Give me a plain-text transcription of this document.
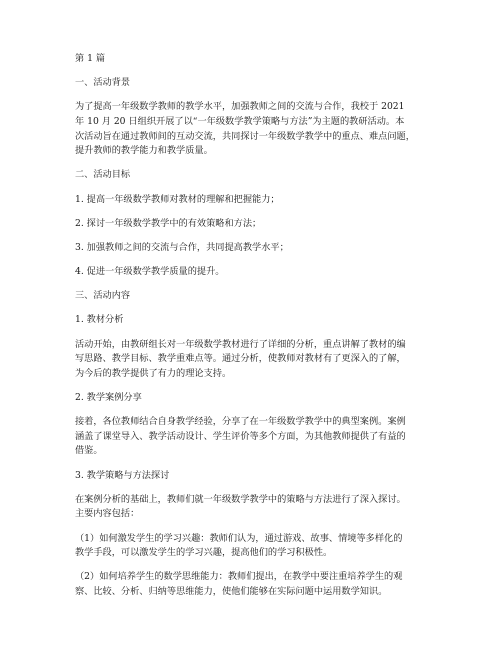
第 1 篇
一、活动背景
为了提高一年级数学教师的教学水平，加强教师之间的交流与合作，我校于 2021
年 10 月 20 日组织开展了以“一年级数学教学策略与方法”为主题的教研活动。本
次活动旨在通过教师间的互动交流，共同探讨一年级数学教学中的重点、难点问题，
提升教师的教学能力和教学质量。
二、活动目标
1. 提高一年级数学教师对教材的理解和把握能力；
2. 探讨一年级数学教学中的有效策略和方法；
3. 加强教师之间的交流与合作，共同提高教学水平；
4. 促进一年级数学教学质量的提升。
三、活动内容
1. 教材分析
活动开始，由教研组长对一年级数学教材进行了详细的分析，重点讲解了教材的编
写思路、教学目标、教学重难点等。通过分析，使教师对教材有了更深入的了解，
为今后的教学提供了有力的理论支持。
2. 教学案例分享
接着，各位教师结合自身教学经验，分享了在一年级数学教学中的典型案例。案例
涵盖了课堂导入、教学活动设计、学生评价等多个方面，为其他教师提供了有益的
借鉴。
3. 教学策略与方法探讨
在案例分析的基础上，教师们就一年级数学教学中的策略与方法进行了深入探讨。
主要内容包括：
（1）如何激发学生的学习兴趣：教师们认为，通过游戏、故事、情境等多样化的
教学手段，可以激发学生的学习兴趣，提高他们的学习积极性。
（2）如何培养学生的数学思维能力：教师们提出，在教学中要注重培养学生的观
察、比较、分析、归纳等思维能力，使他们能够在实际问题中运用数学知识。
